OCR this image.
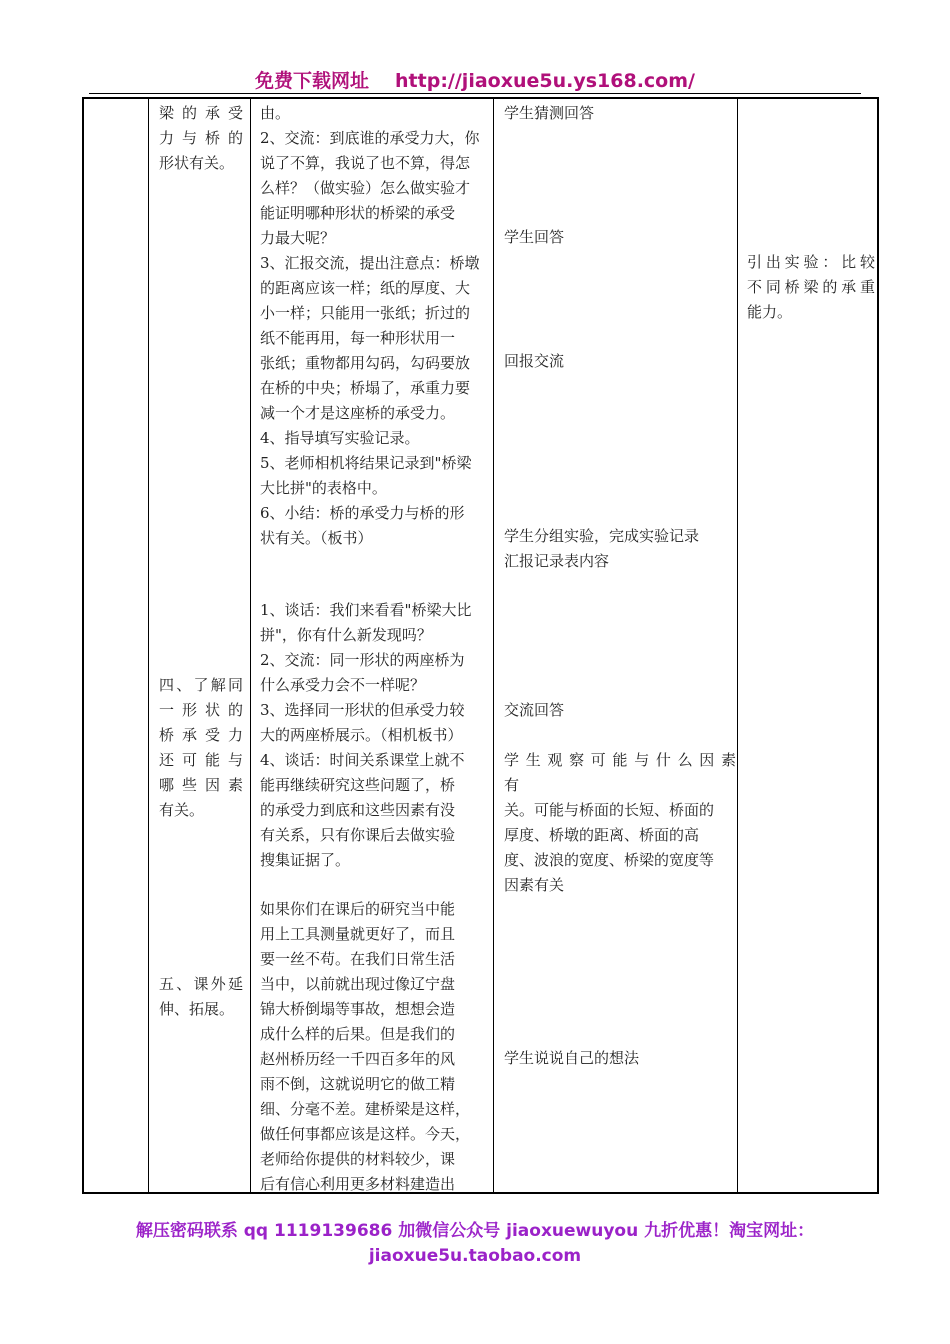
免费下载网址 http://jiaoxue5u.ys168.com/
梁 的 承 受
力 与 桥 的
形状有关。
四、了解同
一 形 状 的
桥 承 受 力
还 可 能 与
哪 些 因 素
有关。
五、课外延
伸、拓展。
由。
2、交流：到底谁的承受力大，你
说了不算，我说了也不算，得怎
么样？（做实验）怎么做实验才
能证明哪种形状的桥梁的承受
力最大呢？
3、汇报交流，提出注意点：桥墩
的距离应该一样；纸的厚度、大
小一样；只能用一张纸；折过的
纸不能再用，每一种形状用一
张纸；重物都用勾码，勾码要放
在桥的中央；桥塌了，承重力要
减一个才是这座桥的承受力。
4、指导填写实验记录。
5、老师相机将结果记录到"桥梁
大比拼"的表格中。
6、小结：桥的承受力与桥的形
状有关。（板书）
1、谈话：我们来看看"桥梁大比
拼"，你有什么新发现吗？
2、交流：同一形状的两座桥为
什么承受力会不一样呢？
3、选择同一形状的但承受力较
大的两座桥展示。（相机板书）
4、谈话：时间关系课堂上就不
能再继续研究这些问题了，桥
的承受力到底和这些因素有没
有关系，只有你课后去做实验
搜集证据了。
如果你们在课后的研究当中能
用上工具测量就更好了，而且
要一丝不苟。在我们日常生活
当中，以前就出现过像辽宁盘
锦大桥倒塌等事故，想想会造
成什么样的后果。但是我们的
赵州桥历经一千四百多年的风
雨不倒，这就说明它的做工精
细、分毫不差。建桥梁是这样，
做任何事都应该是这样。今天，
老师给你提供的材料较少，课
后有信心利用更多材料建造出
学生猜测回答
学生回答
回报交流
学生分组实验，完成实验记录
汇报记录表内容
交流回答
学 生 观 察 可 能 与 什 么 因 素 有
关。可能与桥面的长短、桥面的
厚度、桥墩的距离、桥面的高
度、波浪的宽度、桥梁的宽度等
因素有关
学生说说自己的想法
引出实验：比较
不同桥梁的承重
能力。
解压密码联系 qq 1119139686 加微信公众号 jiaoxuewuyou 九折优惠！淘宝网址：
jiaoxue5u.taobao.com
